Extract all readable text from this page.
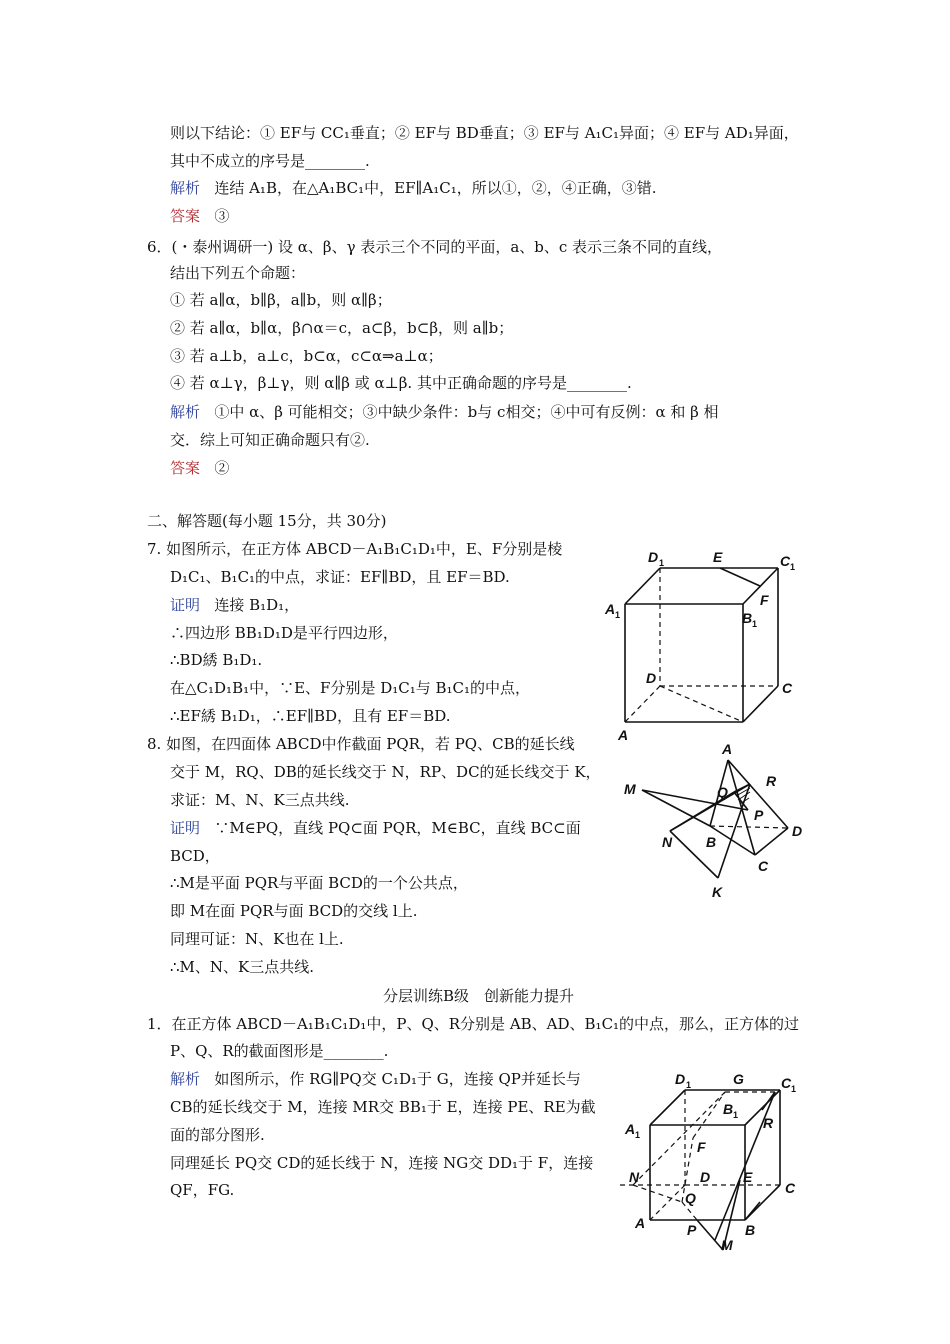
则以下结论：① EF与 CC₁垂直；② EF与 BD垂直；③ EF与 A₁C₁异面；④ EF与 AD₁异面，
其中不成立的序号是________.
解析 连结 A₁B，在△A₁BC₁中，EF∥A₁C₁，所以①，②，④正确，③错.
答案 ③
6．(・泰州调研一) 设 α、β、γ 表示三个不同的平面，a、b、c 表示三条不同的直线，
结出下列五个命题：
① 若 a∥α，b∥β，a∥b，则 α∥β；
② 若 a∥α，b∥α，β∩α＝c，a⊂β，b⊂β，则 a∥b；
③ 若 a⊥b，a⊥c，b⊂α，c⊂α⇒a⊥α；
④ 若 α⊥γ，β⊥γ，则 α∥β 或 α⊥β. 其中正确命题的序号是________.
解析 ①中 α、β 可能相交；③中缺少条件：b与 c相交；④中可有反例：α 和 β 相
交．综上可知正确命题只有②.
答案 ②
二、解答题(每小题 15分，共 30分)
7. 如图所示，在正方体 ABCD－A₁B₁C₁D₁中，E、F分别是棱
D₁C₁、B₁C₁的中点，求证：EF∥BD，且 EF＝BD.
证明 连接 B₁D₁，
∴四边形 BB₁D₁D是平行四边形，
∴BD綉 B₁D₁.
在△C₁D₁B₁中，∵E、F分别是 D₁C₁与 B₁C₁的中点，
∴EF綉 B₁D₁，∴EF∥BD，且有 EF＝BD.
8. 如图，在四面体 ABCD中作截面 PQR，若 PQ、CB的延长线
交于 M，RQ、DB的延长线交于 N，RP、DC的延长线交于 K，
求证：M、N、K三点共线.
证明 ∵M∈PQ，直线 PQ⊂面 PQR，M∈BC，直线 BC⊂面
BCD，
∴M是平面 PQR与平面 BCD的一个公共点，
即 M在面 PQR与面 BCD的交线 l上.
同理可证：N、K也在 l上.
∴M、N、K三点共线.
分层训练B级　创新能力提升
1．在正方体 ABCD－A₁B₁C₁D₁中，P、Q、R分别是 AB、AD、B₁C₁的中点，那么，正方体的过
P、Q、R的截面图形是________.
解析 如图所示，作 RG∥PQ交 C₁D₁于 G，连接 QP并延长与
CB的延长线交于 M，连接 MR交 BB₁于 E，连接 PE、RE为截
面的部分图形.
同理延长 PQ交 CD的延长线于 N，连接 NG交 DD₁于 F，连接
QF，FG.
D 1	E	C 1
F
A 1	B 1
D
C
A
A
R
M	Q
P
D
N B
C
K
D 1	G	C 1
B 1
A 1
R
F
N	D E
C
Q
A	P	B
M
